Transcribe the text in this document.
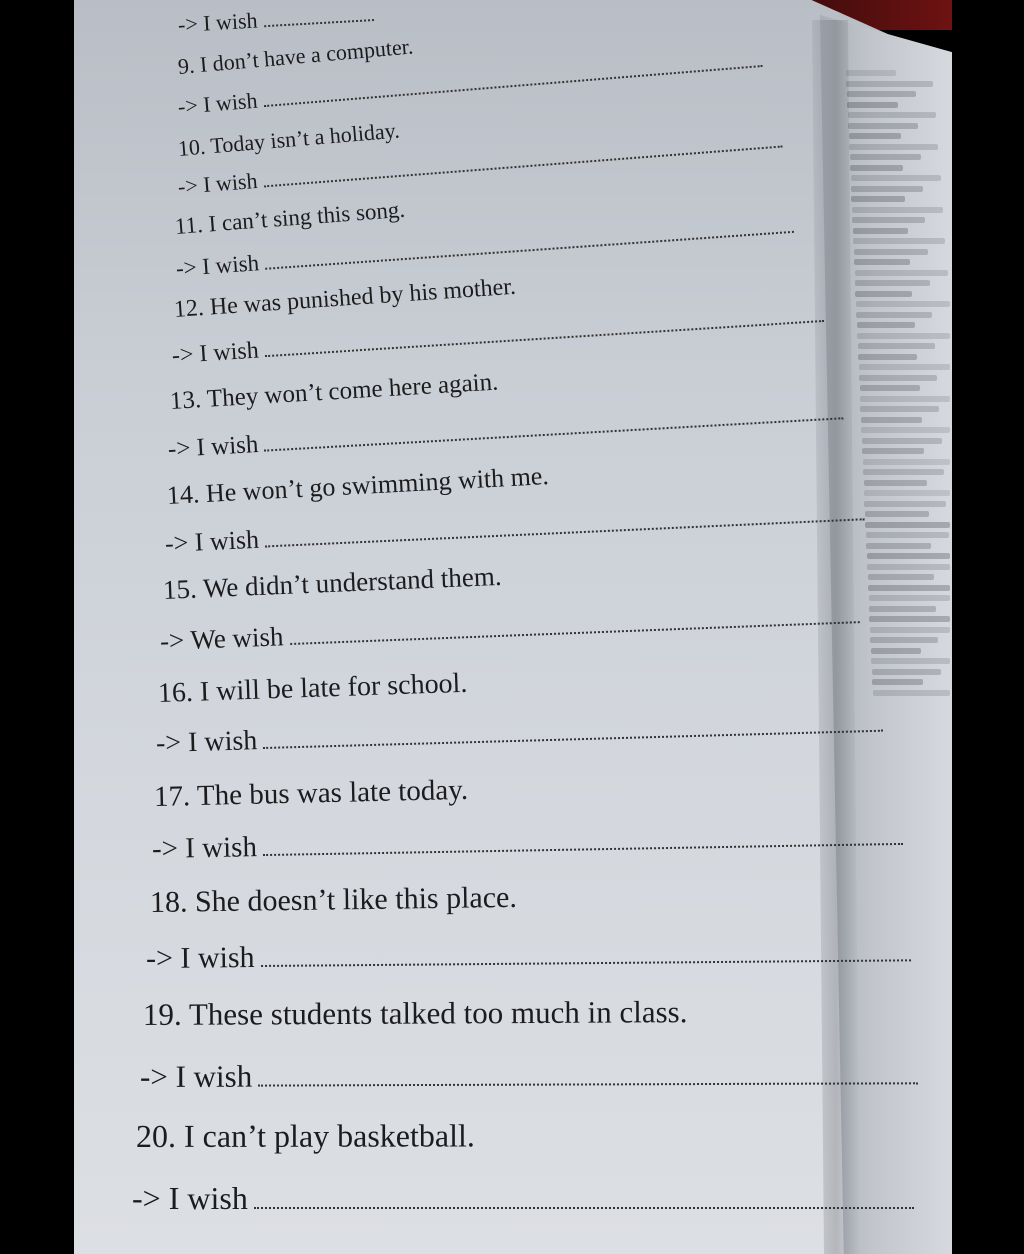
-> I wish
9. I don’t have a computer.
-> I wish
10. Today isn’t a holiday.
-> I wish
11. I can’t sing this song.
-> I wish
12. He was punished by his mother.
-> I wish
13. They won’t come here again.
-> I wish
14. He won’t go swimming with me.
-> I wish
15. We didn’t understand them.
-> We wish
16. I will be late for school.
-> I wish
17. The bus was late today.
-> I wish
18. She doesn’t like this place.
-> I wish
19. These students talked too much in class.
-> I wish
20. I can’t play basketball.
-> I wish
